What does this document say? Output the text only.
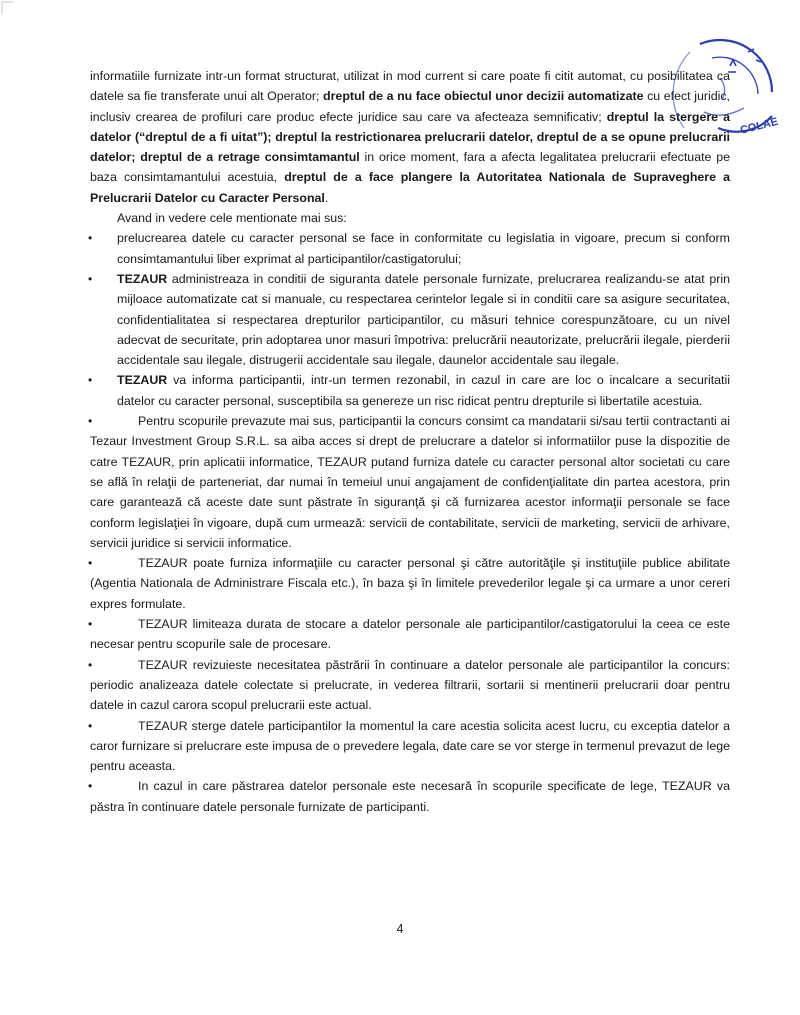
informatiile furnizate intr-un format structurat, utilizat in mod current si care poate fi citit automat, cu posibilitatea ca datele sa fie transferate unui alt Operator; dreptul de a nu face obiectul unor decizii automatizate cu efect juridic, inclusiv crearea de profiluri care produc efecte juridice sau care va afecteaza semnificativ; dreptul la stergere a datelor (“dreptul de a fi uitat”); dreptul la restrictionarea prelucrarii datelor, dreptul de a se opune prelucrarii datelor; dreptul de a retrage consimtamantul in orice moment, fara a afecta legalitatea prelucrarii efectuate pe baza consimtamantului acestuia, dreptul de a face plangere la Autoritatea Nationala de Supraveghere a Prelucrarii Datelor cu Caracter Personal.

Avand in vedere cele mentionate mai sus:

• prelucrearea datele cu caracter personal se face in conformitate cu legislatia in vigoare, precum si conform consimtamantului liber exprimat al participantilor/castigatorului;

• TEZAUR administreaza in conditii de siguranta datele personale furnizate, prelucrarea realizandu-se atat prin mijloace automatizate cat si manuale, cu respectarea cerintelor legale si in conditii care sa asigure securitatea, confidentialitatea si respectarea drepturilor participantilor, cu măsuri tehnice corespunzătoare, cu un nivel adecvat de securitate, prin adoptarea unor masuri împotriva: prelucrării neautorizate, prelucrării ilegale, pierderii accidentale sau ilegale, distrugerii accidentale sau ilegale, daunelor accidentale sau ilegale.

• TEZAUR va informa participantii, intr-un termen rezonabil, in cazul in care are loc o incalcare a securitatii datelor cu caracter personal, susceptibila sa genereze un risc ridicat pentru drepturile si libertatile acestuia.

•	Pentru scopurile prevazute mai sus, participantii la concurs consimt ca mandatarii si/sau tertii contractanti ai Tezaur Investment Group S.R.L. sa aiba acces si drept de prelucrare a datelor si informatiilor puse la dispozitie de catre TEZAUR, prin aplicatii informatice, TEZAUR putand furniza datele cu caracter personal altor societati cu care se află în relaţii de parteneriat, dar numai în temeiul unui angajament de confidenţialitate din partea acestora, prin care garantează că aceste date sunt păstrate în siguranţă şi că furnizarea acestor informaţii personale se face conform legislaţiei în vigoare, după cum urmează: servicii de contabilitate, servicii de marketing, servicii de arhivare, servicii juridice si servicii informatice.

•	TEZAUR poate furniza informaţiile cu caracter personal şi către autorităţile şi instituţiile publice abilitate (Agentia Nationala de Administrare Fiscala etc.), în baza şi în limitele prevederilor legale şi ca urmare a unor cereri expres formulate.

•	TEZAUR limiteaza durata de stocare a datelor personale ale participantilor/castigatorului la ceea ce este necesar pentru scopurile sale de procesare.

•	TEZAUR revizuieste necesitatea păstrării în continuare a datelor personale ale participantilor la concurs: periodic analizeaza datele colectate si prelucrate, in vederea filtrarii, sortarii si mentinerii prelucrarii doar pentru datele in cazul carora scopul prelucrarii este actual.

•	TEZAUR sterge datele participantilor la momentul la care acestia solicita acest lucru, cu exceptia datelor a caror furnizare si prelucrare este impusa de o prevedere legala, date care se vor sterge in termenul prevazut de lege pentru aceasta.

•	In cazul in care păstrarea datelor personale este necesară în scopurile specificate de lege, TEZAUR va păstra în continuare datele personale furnizate de participanti.

COLAE
4
